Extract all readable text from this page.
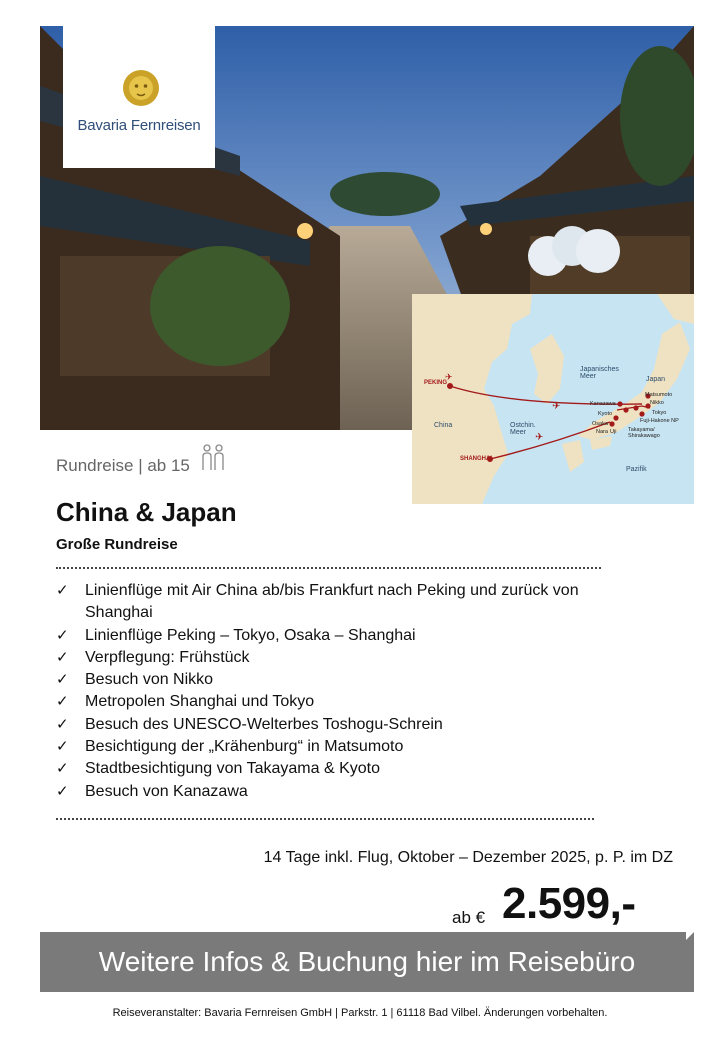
Bavaria Fernreisen
✈
✈
✈
China	Ostchin.
Meer
Japanisches
Meer	Japan
Pazifik
PEKING
SHANGHAI
Matsumoto
Nikko
Kanazawa
Kyoto	Tokyo
Fuji-Hakone NP
Osaka
Nara Uji Takayama/
Shirakawago
Rundreise | ab 15
China & Japan
Große Rundreise
✓ Linienflüge mit Air China ab/bis Frankfurt nach Peking und zurück von Shanghai
✓ Linienflüge Peking – Tokyo, Osaka – Shanghai
✓ Verpflegung: Frühstück
✓ Besuch von Nikko
✓ Metropolen Shanghai und Tokyo
✓ Besuch des UNESCO-Welterbes Toshogu-Schrein
✓ Besichtigung der „Krähenburg“ in Matsumoto
✓ Stadtbesichtigung von Takayama & Kyoto
✓ Besuch von Kanazawa
14 Tage inkl. Flug, Oktober – Dezember 2025, p. P. im DZ
ab € 2.599,-
Weitere Infos & Buchung hier im Reisebüro
Reiseveranstalter: Bavaria Fernreisen GmbH | Parkstr. 1 | 61118 Bad Vilbel. Änderungen vorbehalten.
